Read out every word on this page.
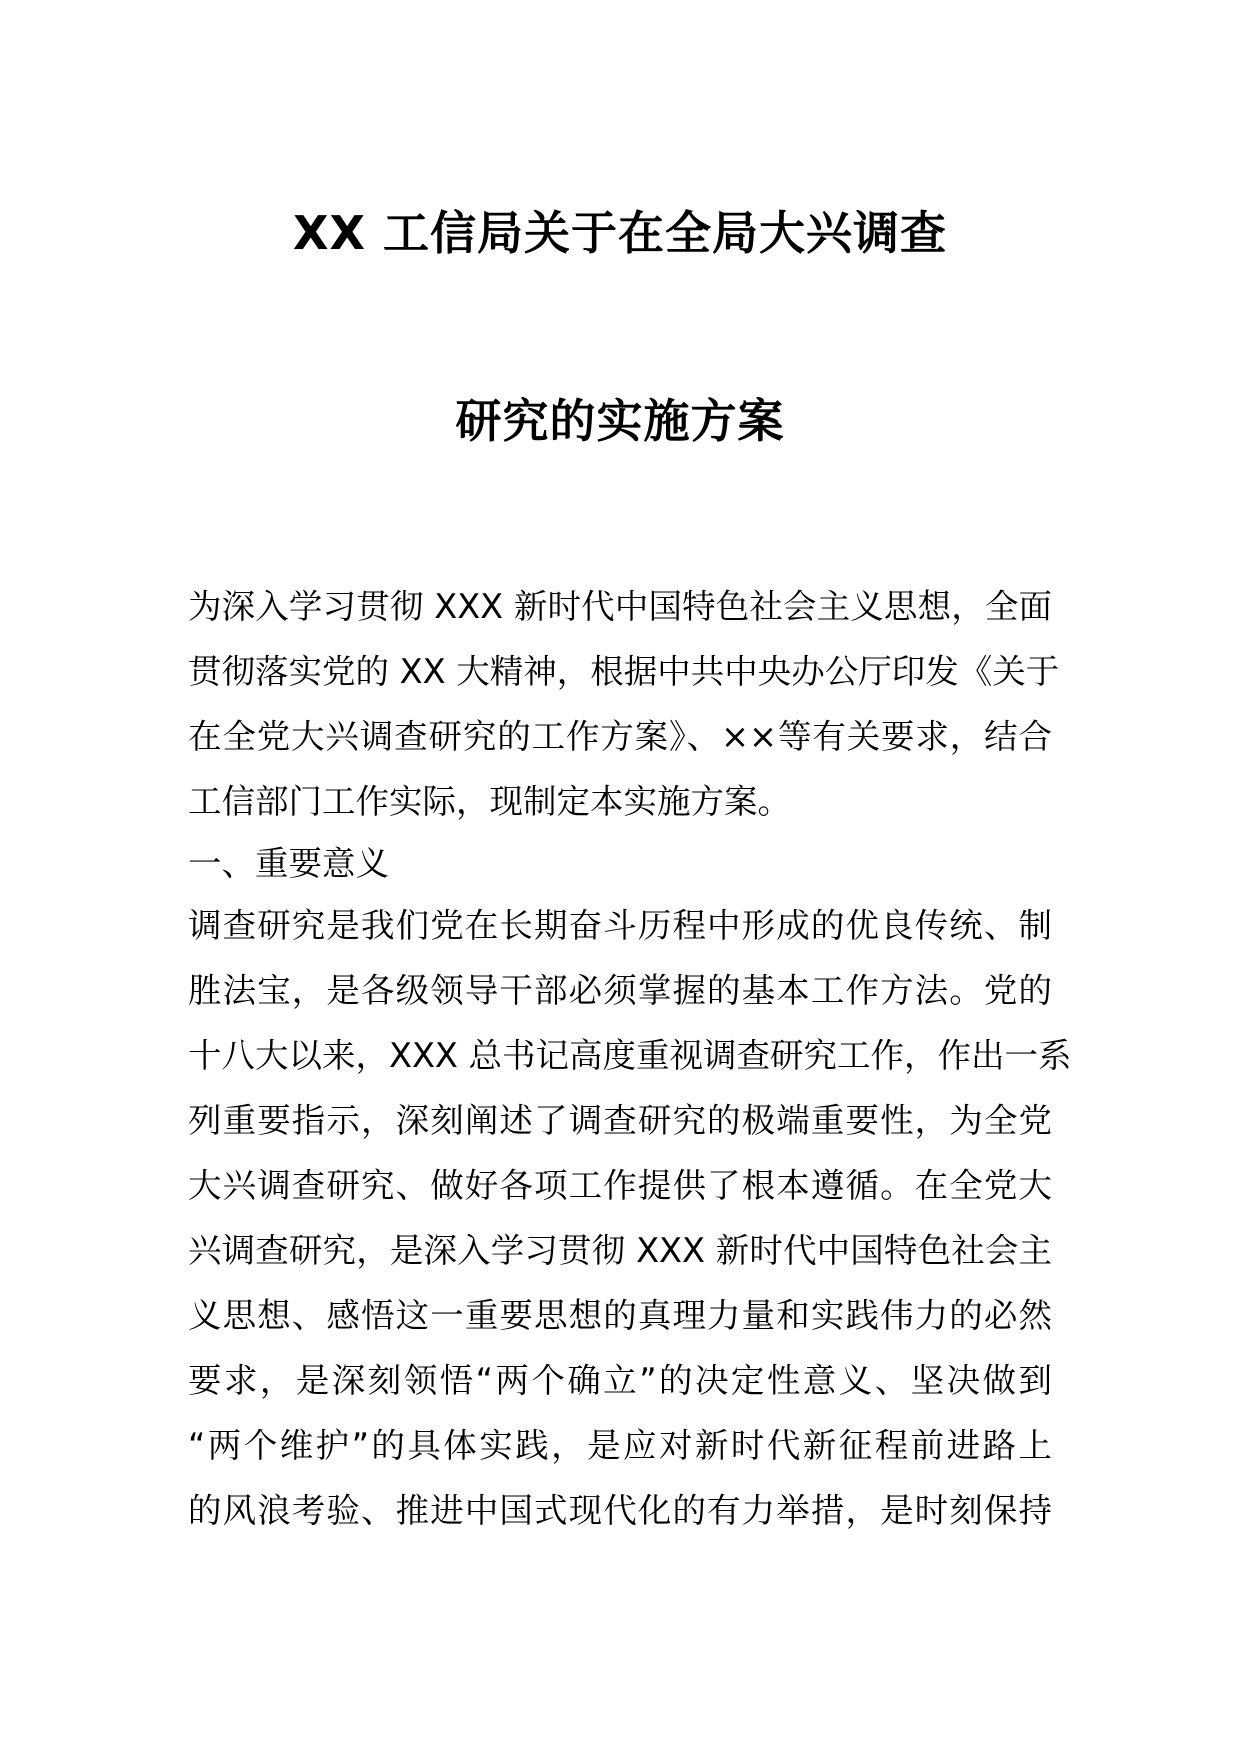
XX 工信局关于在全局大兴调查
研究的实施方案
为深入学习贯彻 XXX 新时代中国特色社会主义思想，全面
贯彻落实党的 XX 大精神，根据中共中央办公厅印发《关于
在全党大兴调查研究的工作方案》、××等有关要求，结合
工信部门工作实际，现制定本实施方案。
一、重要意义
调查研究是我们党在长期奋斗历程中形成的优良传统、制
胜法宝，是各级领导干部必须掌握的基本工作方法。党的
十八大以来，XXX 总书记高度重视调查研究工作，作出一系
列重要指示，深刻阐述了调查研究的极端重要性，为全党
大兴调查研究、做好各项工作提供了根本遵循。在全党大
兴调查研究，是深入学习贯彻 XXX 新时代中国特色社会主
义思想、感悟这一重要思想的真理力量和实践伟力的必然
要求，是深刻领悟“两个确立”的决定性意义、坚决做到
“两个维护”的具体实践，是应对新时代新征程前进路上
的风浪考验、推进中国式现代化的有力举措，是时刻保持
